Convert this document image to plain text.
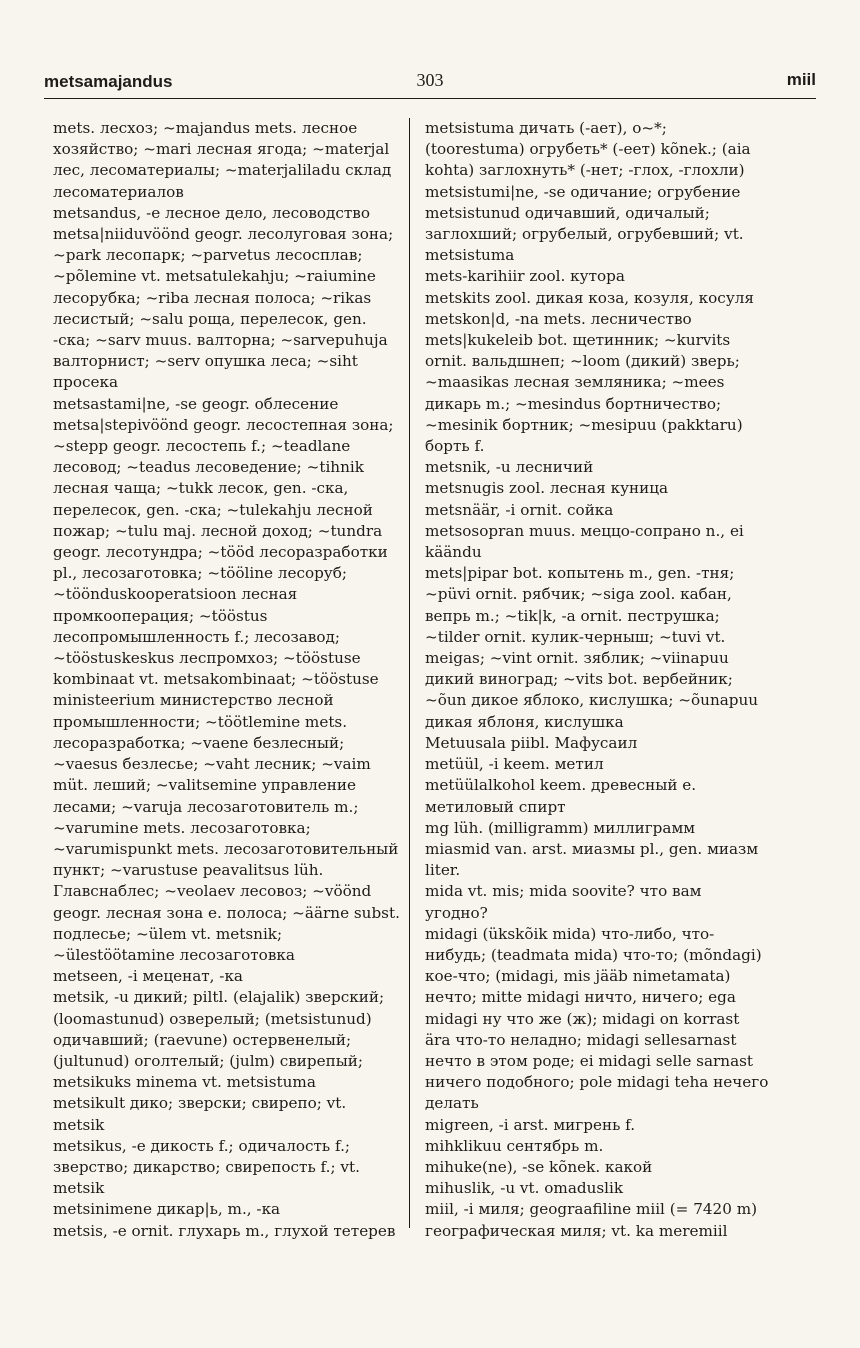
metsamajandus	303	miil

mets. лесхоз; ~majandus mets. лесное хозяйство; ~mari лесная ягода; ~materjal лес, лесоматериалы; ~materjaliladu склад лесоматериалов

metsandus, -e лесное дело, лесоводство

metsa|niiduvöönd geogr. лесолуговая зона; ~park лесопарк; ~parvetus лесосплав; ~põlemine vt. metsatulekahju; ~raiumine лесорубка; ~riba лесная полоса; ~rikas лесистый; ~salu роща, перелесок, gen. -ска; ~sarv muus. валторна; ~sarvepuhuja валторнист; ~serv опушка леса; ~siht просека

metsastami|ne, -se geogr. облесение

metsa|stepivöönd geogr. лесостепная зона; ~stepp geogr. лесостепь f.; ~teadlane лесовод; ~teadus лесоведение; ~tihnik лесная чаща; ~tukk лесок, gen. -ска, перелесок, gen. -ска; ~tulekahju лесной пожар; ~tulu maj. лесной доход; ~tundra geogr. лесотундра; ~tööd лесоразработки pl., лесозаготовка; ~tööline лесоруб; ~töönduskooperatsioon лесная промкооперация; ~tööstus лесопромышленность f.; лесозавод; ~tööstuskeskus леспромхоз; ~tööstuse kombinaat vt. metsakombinaat; ~tööstuse ministeerium министерство лесной промышленности; ~töötlemine mets. лесоразработка; ~vaene безлесный; ~vaesus безлесье; ~vaht лесник; ~vaim müt. леший; ~valitsemine управление лесами; ~varuja лесозаготовитель m.; ~varumine mets. лесозаготовка; ~varumispunkt mets. лесозаготовительный пункт; ~varustuse peavalitsus lüh. Главснаблес; ~veolaev лесовоз; ~vöönd geogr. лесная зона e. полоса; ~äärne subst. подлесье; ~ülem vt. metsnik; ~ülestöötamine лесозаготовка

metseen, -i меценат, -ка

metsik, -u дикий; piltl. (elajalik) зверский; (loomastunud) озверелый; (metsistunud) одичавший; (raevune) остервенелый; (jultunud) оголтелый; (julm) свирепый; metsikuks minema vt. metsistuma

metsikult дико; зверски; свирепо; vt. metsik

metsikus, -e дикость f.; одичалость f.; зверство; дикарство; свирепость f.; vt. metsik

metsinimene дикар|ь, m., -ка

metsis, -e ornit. глухарь m., глухой тетерев

metsistuma дичать (-ает), о~*; (toorestuma) огрубеть* (-еет) kõnek.; (aia kohta) заглохнуть* (-нет; -глох, -глохли)

metsistumi|ne, -se одичание; огрубение

metsistunud одичавший, одичалый; заглохший; огрубелый, огрубевший; vt. metsistuma

mets-karihiir zool. кутора

metskits zool. дикая коза, козуля, косуля

metskon|d, -na mets. лесничество

mets|kukeleib bot. щетинник; ~kurvits ornit. вальдшнеп; ~loom (дикий) зверь; ~maasikas лесная земляника; ~mees дикарь m.; ~mesindus бортничество; ~mesinik бортник; ~mesipuu (pakktaru) борть f.

metsnik, -u лесничий

metsnugis zool. лесная куница

metsnäär, -i ornit. сойка

metsosopran muus. меццо-сопрано n., ei käändu

mets|pipar bot. копытень m., gen. -тня; ~püvi ornit. рябчик; ~siga zool. кабан, вепрь m.; ~tik|k, -a ornit. пеструшка; ~tilder ornit. кулик-черныш; ~tuvi vt. meigas; ~vint ornit. зяблик; ~viinapuu дикий виноград; ~vits bot. вербейник; ~õun дикое яблоко, кислушка; ~õunapuu дикая яблоня, кислушка

Metuusala piibl. Мафусаил

metüül, -i keem. метил

metüülalkohol keem. древесный e. метиловый спирт

mg lüh. (milligramm) миллиграмм

miasmid van. arst. миазмы pl., gen. миазм liter.

mida vt. mis; mida soovite? что вам угодно?

midagi (ükskõik mida) что-либо, что-нибудь; (teadmata mida) что-то; (mõndagi) кое-что; (midagi, mis jääb nimetamata) нечто; mitte midagi ничто, ничего; ega midagi ну что же (ж); midagi on korrast ära что-то неладно; midagi sellesarnast нечто в этом роде; ei midagi selle sarnast ничего подобного; pole midagi teha нечего делать

migreen, -i arst. мигрень f.

mihklikuu сентябрь m.

mihuke(ne), -se kõnek. какой

mihuslik, -u vt. omaduslik

miil, -i миля; geograafiline miil (= 7420 m) географическая миля; vt. ka meremiil
